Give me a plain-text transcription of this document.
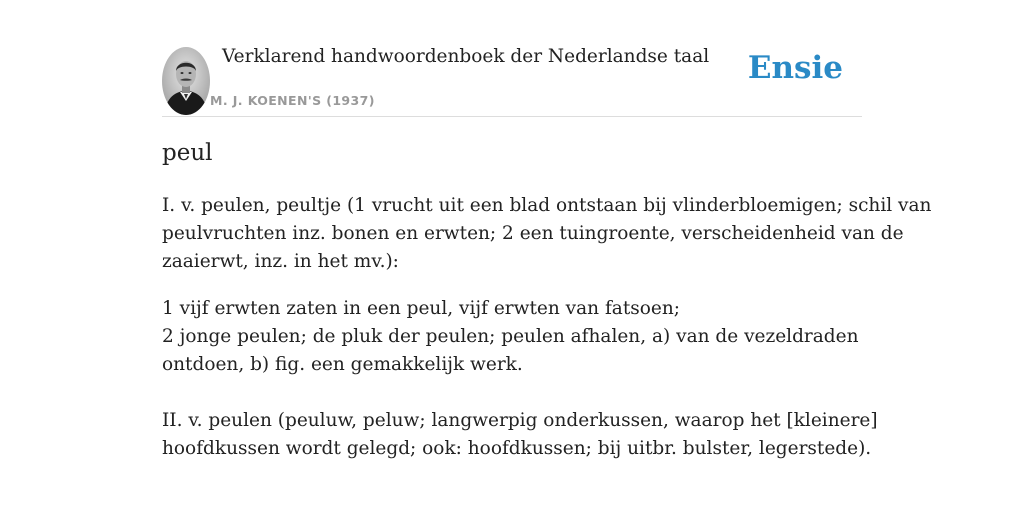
Verklarend handwoordenboek der Nederlandse taal
M. J. KOENEN'S (1937)
Ensie
peul
I. v. peulen, peultje (1 vrucht uit een blad ontstaan bij vlinderbloemigen; schil van
peulvruchten inz. bonen en erwten; 2 een tuingroente, verscheidenheid van de
zaaierwt, inz. in het mv.):
1 vijf erwten zaten in een peul, vijf erwten van fatsoen;
2 jonge peulen; de pluk der peulen; peulen afhalen, a) van de vezeldraden
ontdoen, b) fig. een gemakkelijk werk.
II. v. peulen (peuluw, peluw; langwerpig onderkussen, waarop het [kleinere]
hoofdkussen wordt gelegd; ook: hoofdkussen; bij uitbr. bulster, legerstede).
